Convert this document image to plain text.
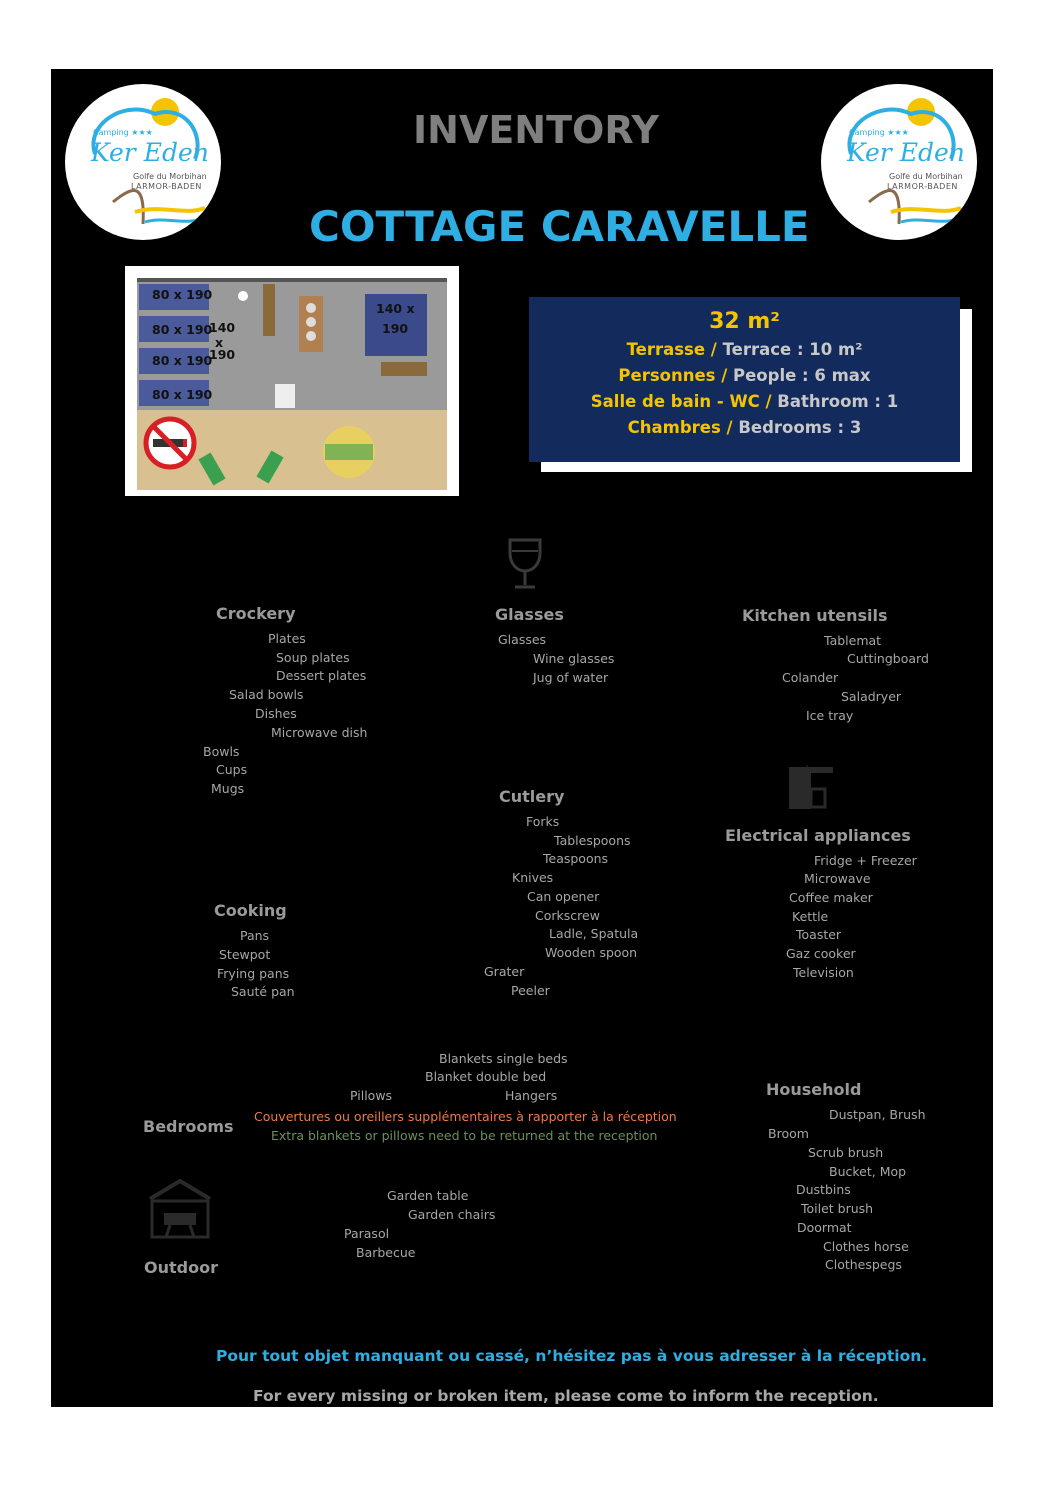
Camping ★★★
Ker Eden
Golfe du Morbihan
LARMOR-BADEN
Camping ★★★
Ker Eden
Golfe du Morbihan
LARMOR-BADEN
INVENTORY
COTTAGE CARAVELLE
80 x 190
80 x 190
80 x 190
80 x 190
140
x
190
140 x
190	32 m²
Terrasse / Terrace : 10 m²
Personnes / People : 6 max
Salle de bain - WC / Bathroom : 1
Chambres / Bedrooms : 3
Crockery
Plates
Soup plates
Dessert plates
Salad bowls
Dishes
Microwave dish
Bowls
Cups
Mugs
Glasses
Glasses
Wine glasses
Jug of water
Kitchen utensils
Tablemat
Cuttingboard
Colander
Saladryer
Ice tray
Cutlery
Forks
Tablespoons
Teaspoons
Knives
Can opener
Corkscrew
Ladle, Spatula
Wooden spoon
Grater
Peeler
Electrical appliances
Fridge + Freezer
Microwave
Coffee maker
Kettle
Toaster
Gaz cooker
Television
Cooking
Pans
Stewpot
Frying pans
Sauté pan
Bedrooms
Blankets single beds
Blanket double bed
Pillows	Hangers
Couvertures ou oreillers supplémentaires à rapporter à la réception
Extra blankets or pillows need to be returned at the reception
Household
Dustpan, Brush
Broom
Scrub brush
Bucket, Mop
Dustbins
Toilet brush
Doormat
Clothes horse
Clothespegs
Outdoor
Garden table
Garden chairs
Parasol
Barbecue
Pour tout objet manquant ou cassé, n’hésitez pas à vous adresser à la réception.
For every missing or broken item, please come to inform the reception.
